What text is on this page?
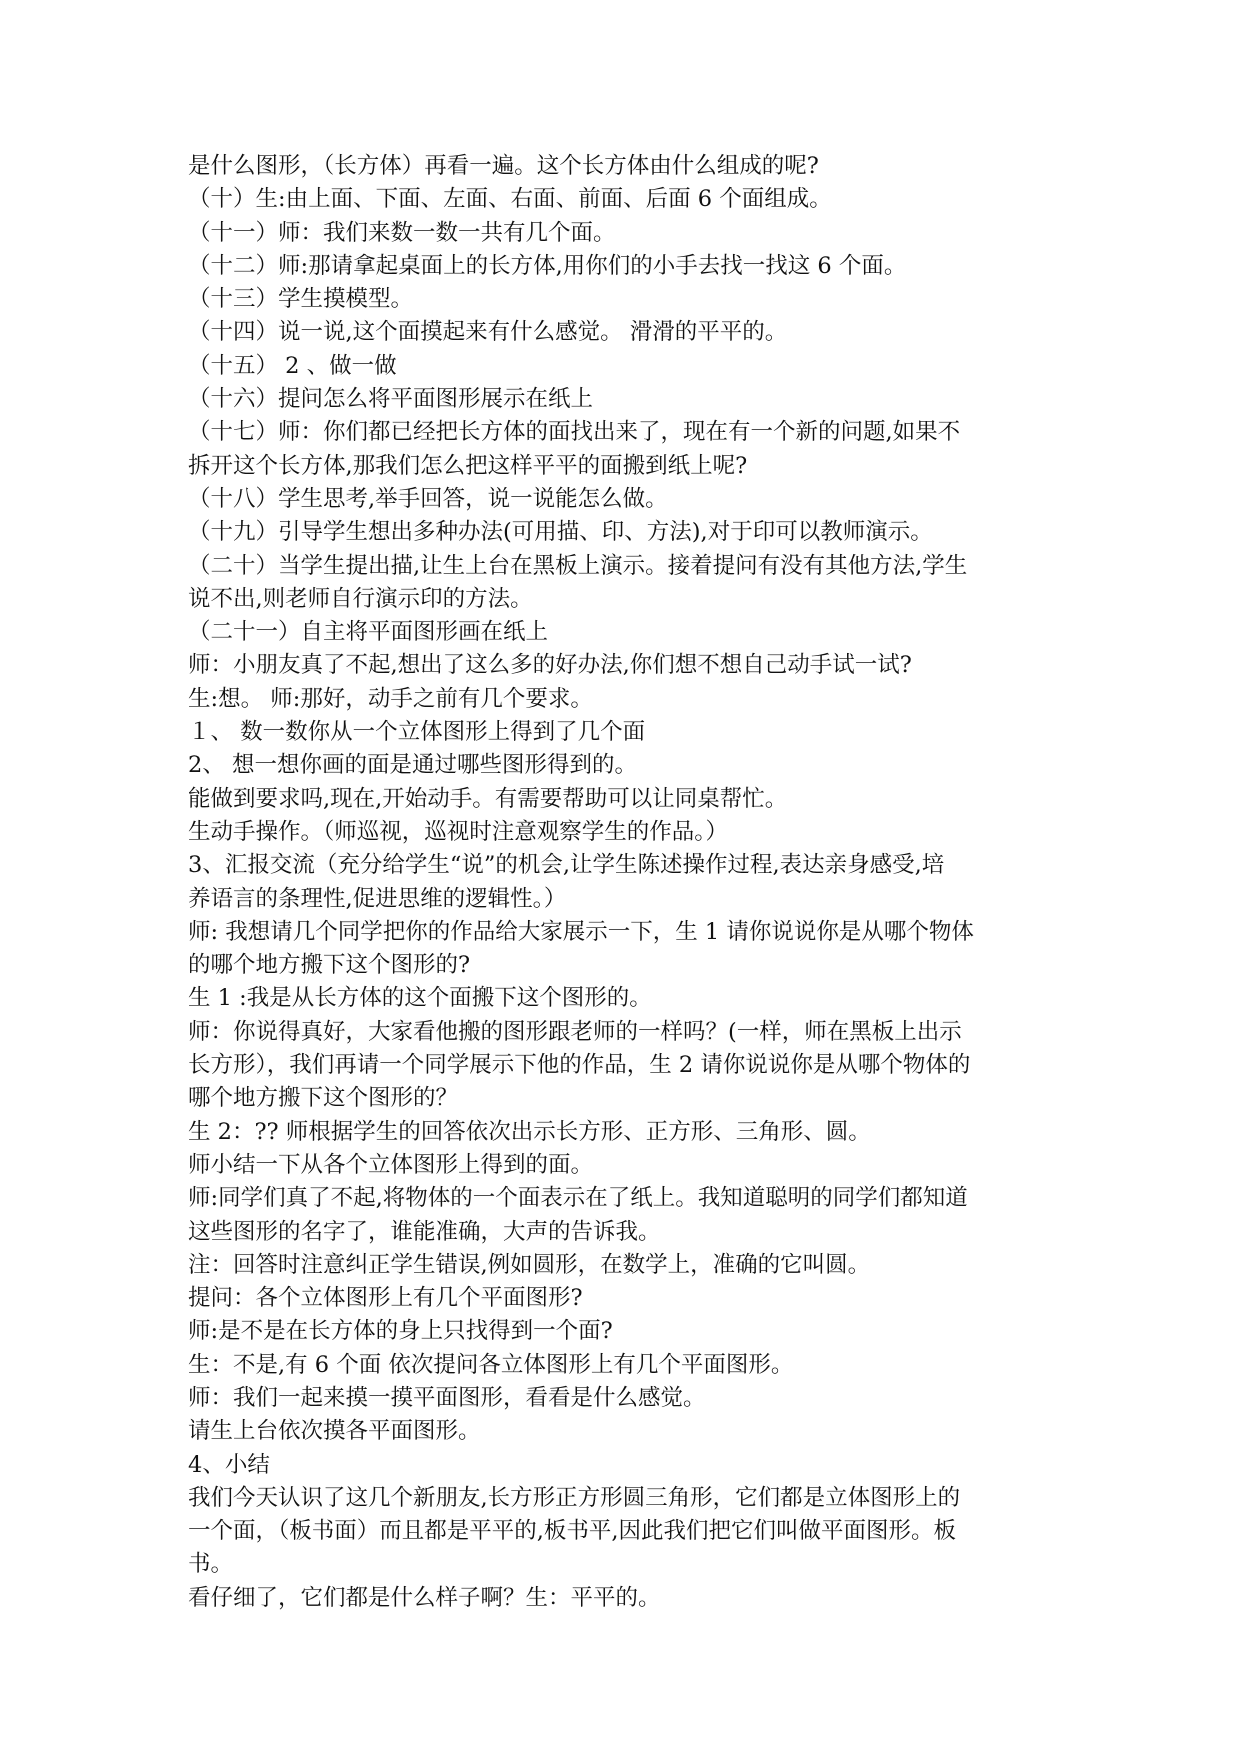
是什么图形，（长方体）再看一遍。这个长方体由什么组成的呢?

（十）生:由上面、下面、左面、右面、前面、后面 6 个面组成。

（十一）师：我们来数一数一共有几个面。

（十二）师:那请拿起桌面上的长方体,用你们的小手去找一找这 6 个面。

（十三）学生摸模型。

（十四）说一说,这个面摸起来有什么感觉。 滑滑的平平的。

（十五） 2 、做一做

（十六）提问怎么将平面图形展示在纸上

（十七）师：你们都已经把长方体的面找出来了，现在有一个新的问题,如果不

拆开这个长方体,那我们怎么把这样平平的面搬到纸上呢?

（十八）学生思考,举手回答，说一说能怎么做。

（十九）引导学生想出多种办法(可用描、印、方法),对于印可以教师演示。

（二十）当学生提出描,让生上台在黑板上演示。接着提问有没有其他方法,学生

说不出,则老师自行演示印的方法。

（二十一）自主将平面图形画在纸上

师：小朋友真了不起,想出了这么多的好办法,你们想不想自己动手试一试?

生:想。 师:那好，动手之前有几个要求。

１、 数一数你从一个立体图形上得到了几个面

2、 想一想你画的面是通过哪些图形得到的。

能做到要求吗,现在,开始动手。有需要帮助可以让同桌帮忙。

生动手操作。（师巡视，巡视时注意观察学生的作品。）

3、汇报交流（充分给学生“说”的机会,让学生陈述操作过程,表达亲身感受,培

养语言的条理性,促进思维的逻辑性。）

师: 我想请几个同学把你的作品给大家展示一下，生 1 请你说说你是从哪个物体

的哪个地方搬下这个图形的?

生 1 :我是从长方体的这个面搬下这个图形的。

师：你说得真好，大家看他搬的图形跟老师的一样吗？(一样，师在黑板上出示

长方形），我们再请一个同学展示下他的作品，生 2 请你说说你是从哪个物体的

哪个地方搬下这个图形的？

生 2：?? 师根据学生的回答依次出示长方形、正方形、三角形、圆。

师小结一下从各个立体图形上得到的面。

师:同学们真了不起,将物体的一个面表示在了纸上。我知道聪明的同学们都知道

这些图形的名字了，谁能准确，大声的告诉我。

注：回答时注意纠正学生错误,例如圆形，在数学上，准确的它叫圆。

提问：各个立体图形上有几个平面图形?

师:是不是在长方体的身上只找得到一个面?

生：不是,有 6 个面 依次提问各立体图形上有几个平面图形。

师：我们一起来摸一摸平面图形，看看是什么感觉。

请生上台依次摸各平面图形。

4、小结

我们今天认识了这几个新朋友,长方形正方形圆三角形，它们都是立体图形上的

一个面，（板书面）而且都是平平的,板书平,因此我们把它们叫做平面图形。板

书。

看仔细了，它们都是什么样子啊？生：平平的。
